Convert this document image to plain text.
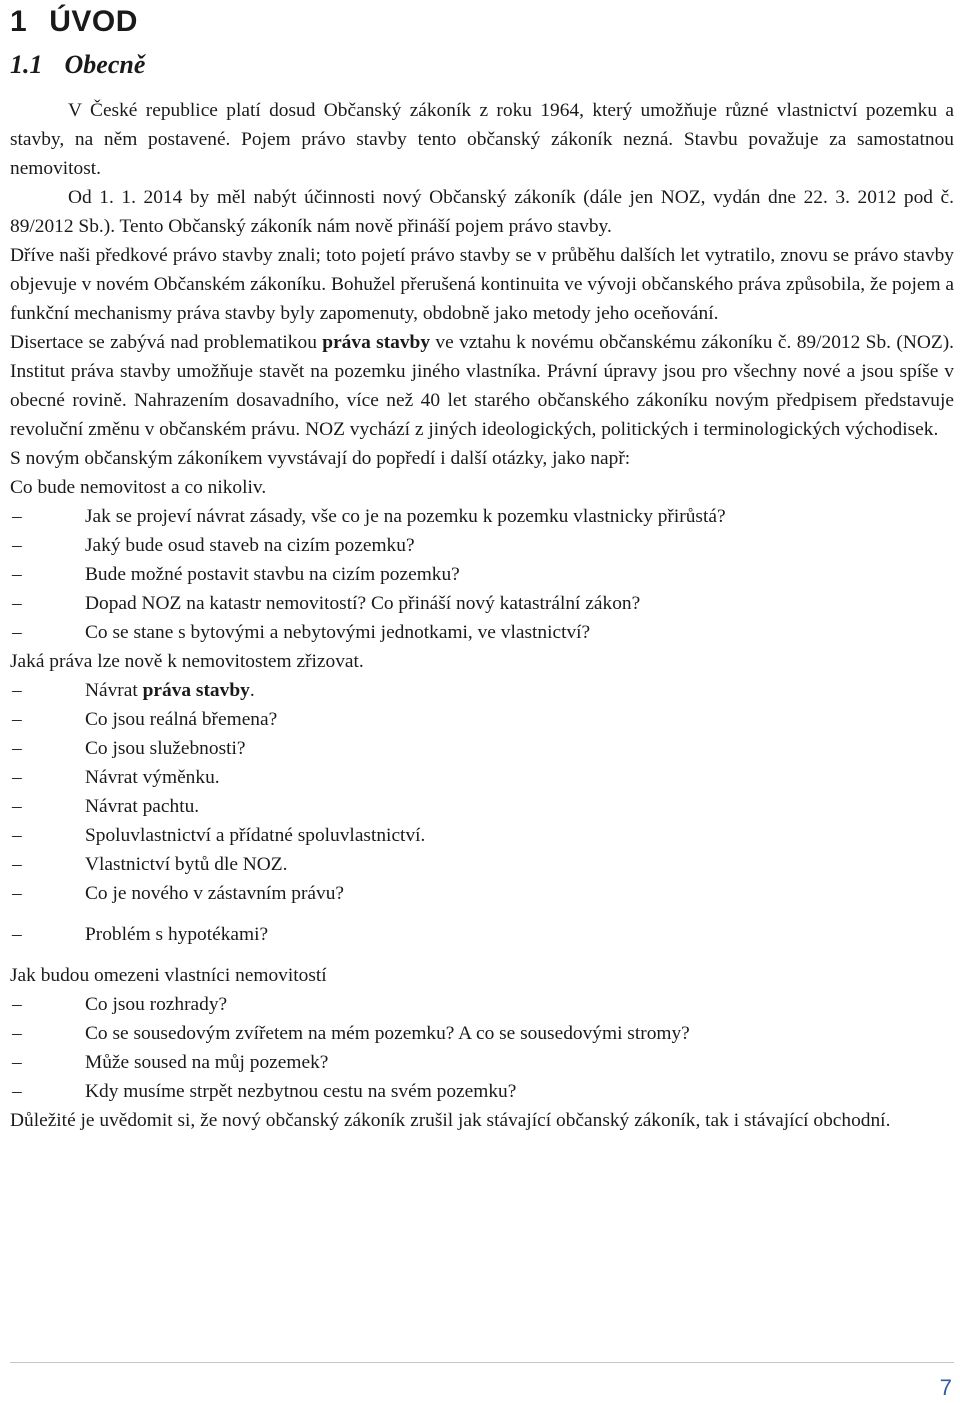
1 ÚVOD
1.1 Obecně

V České republice platí dosud Občanský zákoník z roku 1964, který umožňuje různé vlastnictví pozemku a stavby, na něm postavené. Pojem právo stavby tento občanský zákoník nezná. Stavbu považuje za samostatnou nemovitost.

Od 1. 1. 2014 by měl nabýt účinnosti nový Občanský zákoník (dále jen NOZ, vydán dne 22. 3. 2012 pod č. 89/2012 Sb.). Tento Občanský zákoník nám nově přináší pojem právo stavby.

Dříve naši předkové právo stavby znali; toto pojetí právo stavby se v průběhu dalších let vytratilo, znovu se právo stavby objevuje v novém Občanském zákoníku. Bohužel přerušená kontinuita ve vývoji občanského práva způsobila, že pojem a funkční mechanismy práva stavby byly zapomenuty, obdobně jako metody jeho oceňování.

Disertace se zabývá nad problematikou práva stavby ve vztahu k novému občanskému zákoníku č. 89/2012 Sb. (NOZ). Institut práva stavby umožňuje stavět na pozemku jiného vlastníka. Právní úpravy jsou pro všechny nové a jsou spíše v obecné rovině. Nahrazením dosavadního, více než 40 let starého občanského zákoníku novým předpisem představuje revoluční změnu v občanském právu. NOZ vychází z jiných ideologických, politických i terminologických východisek.

S novým občanským zákoníkem vyvstávají do popředí i další otázky, jako např:

Co bude nemovitost a co nikoliv.

–	Jak se projeví návrat zásady, vše co je na pozemku k pozemku vlastnicky přirůstá?
–	Jaký bude osud staveb na cizím pozemku?
–	Bude možné postavit stavbu na cizím pozemku?
–	Dopad NOZ na katastr nemovitostí? Co přináší nový katastrální zákon?
–	Co se stane s bytovými a nebytovými jednotkami, ve vlastnictví?

Jaká práva lze nově k nemovitostem zřizovat.

–	Návrat práva stavby.
–	Co jsou reálná břemena?
–	Co jsou služebnosti?
–	Návrat výměnku.
–	Návrat pachtu.
–	Spoluvlastnictví a přídatné spoluvlastnictví.
–	Vlastnictví bytů dle NOZ.
–	Co je nového v zástavním právu?
–	Problém s hypotékami?

Jak budou omezeni vlastníci nemovitostí

–	Co jsou rozhrady?
–	Co se sousedovým zvířetem na mém pozemku? A co se sousedovými stromy?
–	Může soused na můj pozemek?
–	Kdy musíme strpět nezbytnou cestu na svém pozemku?

Důležité je uvědomit si, že nový občanský zákoník zrušil jak stávající občanský zákoník, tak i stávající obchodní.

7
